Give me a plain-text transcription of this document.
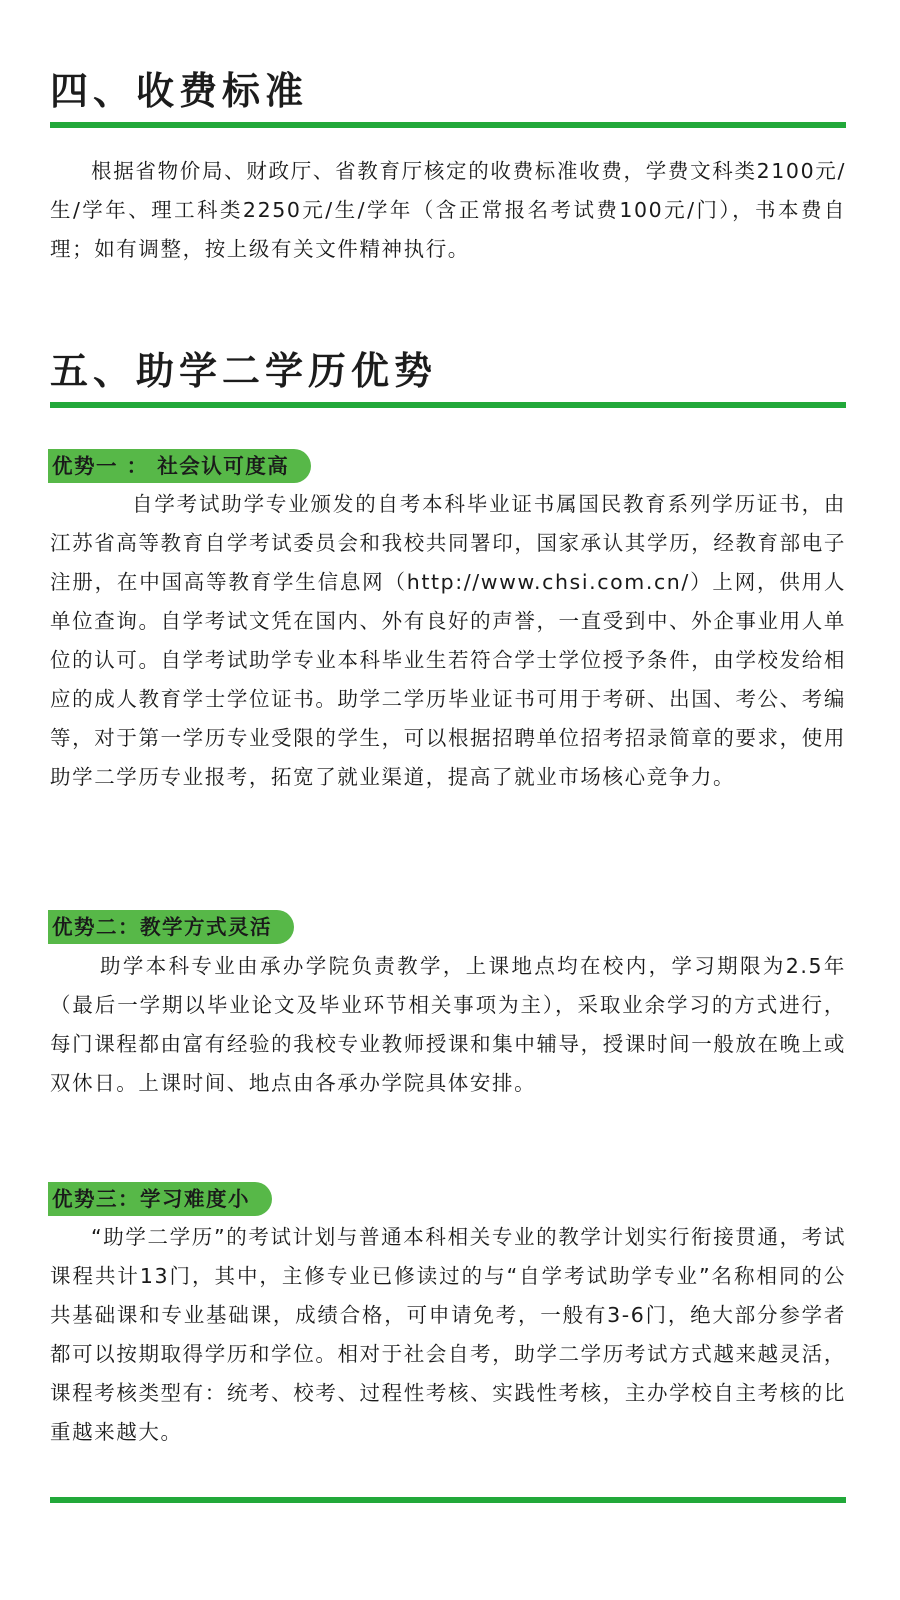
四、收费标准

根据省物价局、财政厅、省教育厅核定的收费标准收费，学费文科类2100元/生/学年、理工科类2250元/生/学年（含正常报名考试费100元/门），书本费自理；如有调整，按上级有关文件精神执行。

五、助学二学历优势
优势一 ： 社会认可度高

自学考试助学专业颁发的自考本科毕业证书属国民教育系列学历证书，由江苏省高等教育自学考试委员会和我校共同署印，国家承认其学历，经教育部电子注册，在中国高等教育学生信息网（http://www.chsi.com.cn/）上网，供用人单位查询。自学考试文凭在国内、外有良好的声誉，一直受到中、外企事业用人单位的认可。自学考试助学专业本科毕业生若符合学士学位授予条件，由学校发给相应的成人教育学士学位证书。助学二学历毕业证书可用于考研、出国、考公、考编等，对于第一学历专业受限的学生，可以根据招聘单位招考招录简章的要求，使用助学二学历专业报考，拓宽了就业渠道，提高了就业市场核心竞争力。

优势二：教学方式灵活

助学本科专业由承办学院负责教学，上课地点均在校内，学习期限为2.5年（最后一学期以毕业论文及毕业环节相关事项为主），采取业余学习的方式进行，每门课程都由富有经验的我校专业教师授课和集中辅导，授课时间一般放在晚上或双休日。上课时间、地点由各承办学院具体安排。

优势三：学习难度小

“助学二学历”的考试计划与普通本科相关专业的教学计划实行衔接贯通，考试课程共计13门，其中，主修专业已修读过的与“自学考试助学专业”名称相同的公共基础课和专业基础课，成绩合格，可申请免考，一般有3-6门，绝大部分参学者都可以按期取得学历和学位。相对于社会自考，助学二学历考试方式越来越灵活，课程考核类型有：统考、校考、过程性考核、实践性考核，主办学校自主考核的比重越来越大。
